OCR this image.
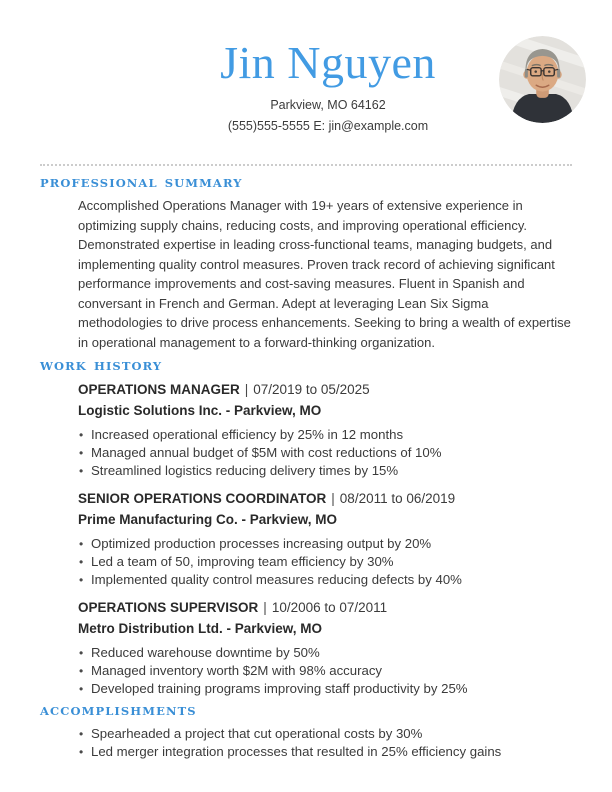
Jin Nguyen
Parkview, MO 64162
(555)555-5555 E: jin@example.com
PROFESSIONAL SUMMARY

Accomplished Operations Manager with 19+ years of extensive experience in optimizing supply chains, reducing costs, and improving operational efficiency. Demonstrated expertise in leading cross-functional teams, managing budgets, and implementing quality control measures. Proven track record of achieving significant performance improvements and cost-saving measures. Fluent in Spanish and conversant in French and German. Adept at leveraging Lean Six Sigma methodologies to drive process enhancements. Seeking to bring a wealth of expertise in operational management to a forward-thinking organization.

WORK HISTORY
OPERATIONS MANAGER | 07/2019 to 05/2025
Logistic Solutions Inc. - Parkview, MO
• Increased operational efficiency by 25% in 12 months
• Managed annual budget of $5M with cost reductions of 10%
• Streamlined logistics reducing delivery times by 15%
SENIOR OPERATIONS COORDINATOR | 08/2011 to 06/2019
Prime Manufacturing Co. - Parkview, MO
• Optimized production processes increasing output by 20%
• Led a team of 50, improving team efficiency by 30%
• Implemented quality control measures reducing defects by 40%
OPERATIONS SUPERVISOR | 10/2006 to 07/2011
Metro Distribution Ltd. - Parkview, MO
• Reduced warehouse downtime by 50%
• Managed inventory worth $2M with 98% accuracy
• Developed training programs improving staff productivity by 25%
ACCOMPLISHMENTS
• Spearheaded a project that cut operational costs by 30%
• Led merger integration processes that resulted in 25% efficiency gains
